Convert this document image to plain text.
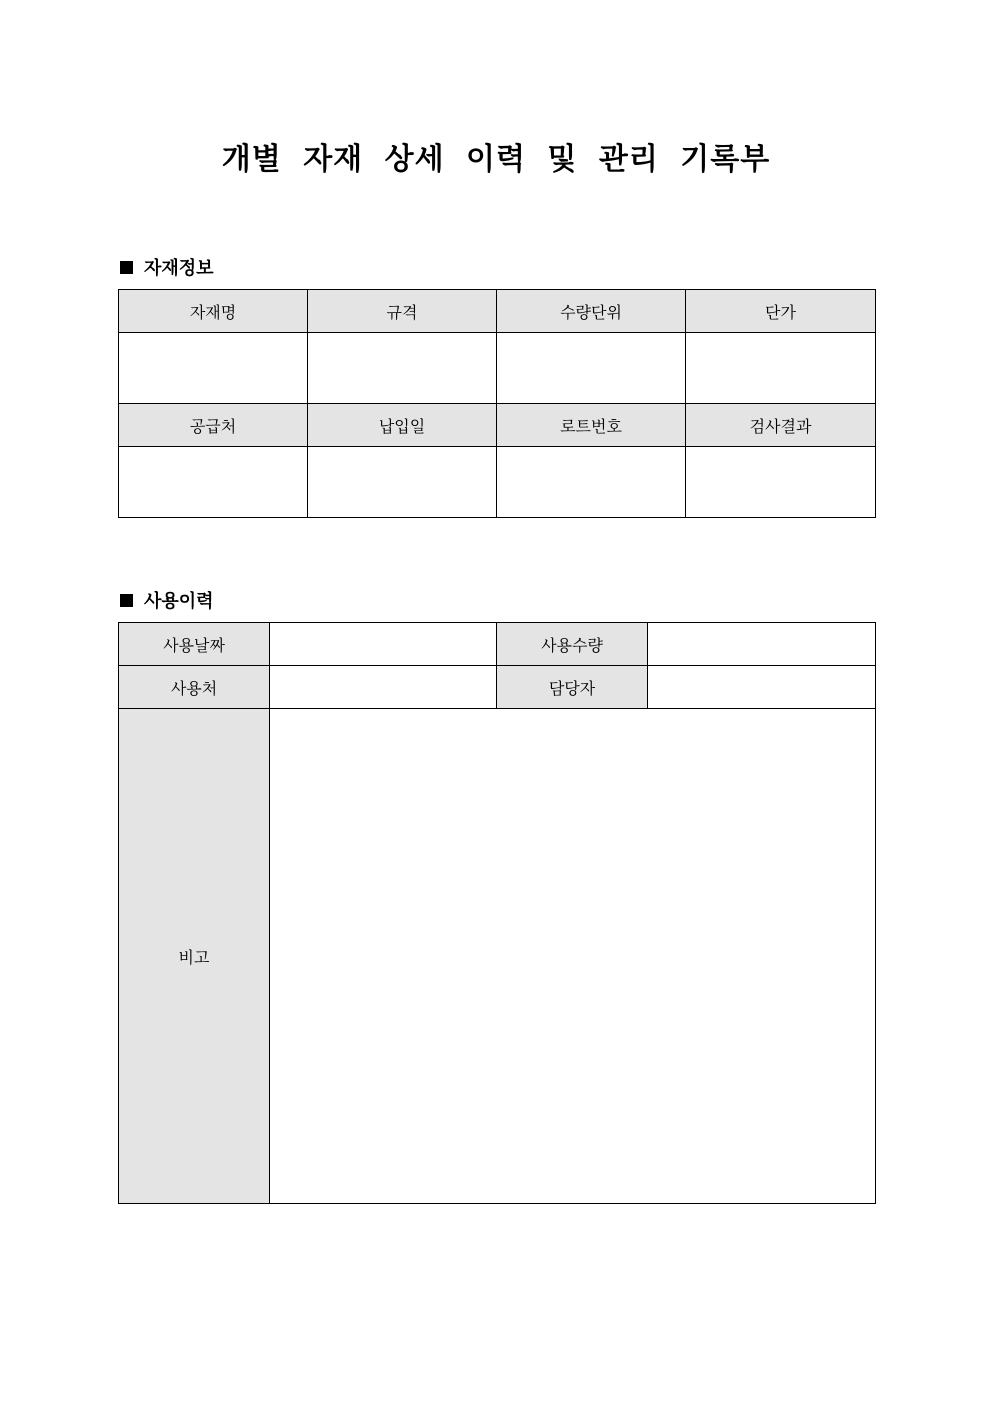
개별 자재 상세 이력 및 관리 기록부
자재정보
자재명	규격	수량단위	단가

공급처	납입일	로트번호	검사결과

사용이력
사용날짜		사용수량	
사용처		담당자	
비고			
